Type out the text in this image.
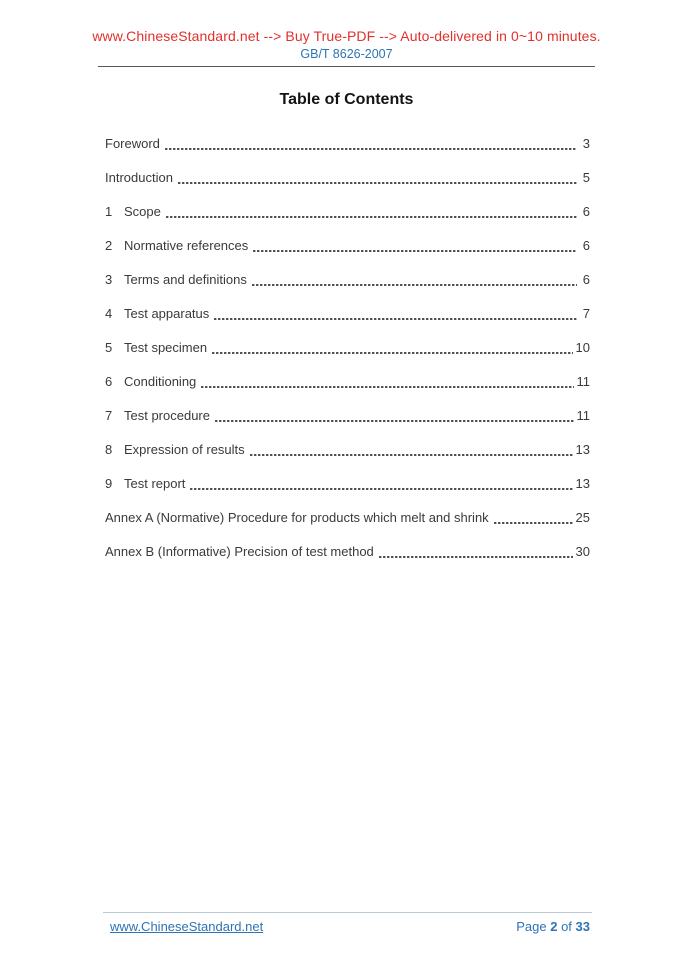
www.ChineseStandard.net --> Buy True-PDF --> Auto-delivered in 0~10 minutes.
GB/T 8626-2007
Table of Contents
Foreword	3
Introduction	5
1 Scope	6
2 Normative references	6
3 Terms and definitions	6
4 Test apparatus	7
5 Test specimen	10
6 Conditioning	11
7 Test procedure	11
8 Expression of results	13
9 Test report	13
Annex A (Normative) Procedure for products which melt and shrink	25
Annex B (Informative) Precision of test method	30
www.ChineseStandard.net	Page 2 of 33
